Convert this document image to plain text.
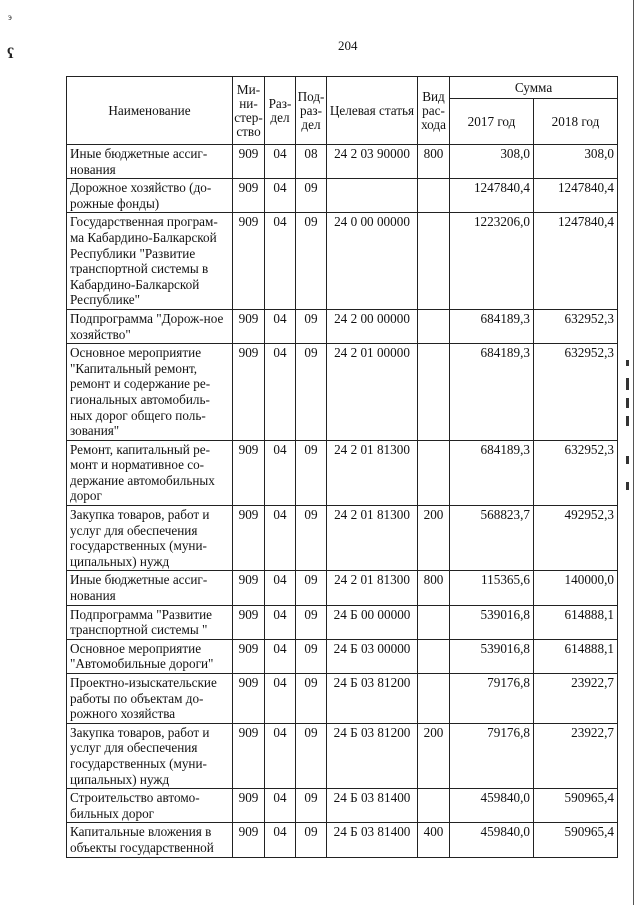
э
ʕ
204
Наименование	Ми-ни-стер-ство	Раз-дел	Под-раз-дел	Целевая статья	Вид рас-хода	Сумма	
						2017 год	2018 год
Иные бюджетные ассиг-нования	909	04	08	24 2 03 90000	800	308,0	308,0
Дорожное хозяйство (до-рожные фонды)	909	04	09			1247840,4	1247840,4
Государственная програм-ма Кабардино-Балкарской Республики "Развитие транспортной системы в Кабардино-Балкарской Республике"	909	04	09	24 0 00 00000		1223206,0	1247840,4
Подпрограмма "Дорож-ное хозяйство"	909	04	09	24 2 00 00000		684189,3	632952,3
Основное мероприятие "Капитальный ремонт, ремонт и содержание ре-гиональных автомобиль-ных дорог общего поль-зования"	909	04	09	24 2 01 00000		684189,3	632952,3
Ремонт, капитальный ре-монт и нормативное со-держание автомобильных дорог	909	04	09	24 2 01 81300		684189,3	632952,3
Закупка товаров, работ и услуг для обеспечения государственных (муни-ципальных) нужд	909	04	09	24 2 01 81300	200	568823,7	492952,3
Иные бюджетные ассиг-нования	909	04	09	24 2 01 81300	800	115365,6	140000,0
Подпрограмма "Развитие транспортной системы "	909	04	09	24 Б 00 00000		539016,8	614888,1
Основное мероприятие "Автомобильные дороги"	909	04	09	24 Б 03 00000		539016,8	614888,1
Проектно-изыскательские работы по объектам до-рожного хозяйства	909	04	09	24 Б 03 81200		79176,8	23922,7
Закупка товаров, работ и услуг для обеспечения государственных (муни-ципальных) нужд	909	04	09	24 Б 03 81200	200	79176,8	23922,7
Строительство автомо-бильных дорог	909	04	09	24 Б 03 81400		459840,0	590965,4
Капитальные вложения в объекты государственной	909	04	09	24 Б 03 81400	400	459840,0	590965,4
